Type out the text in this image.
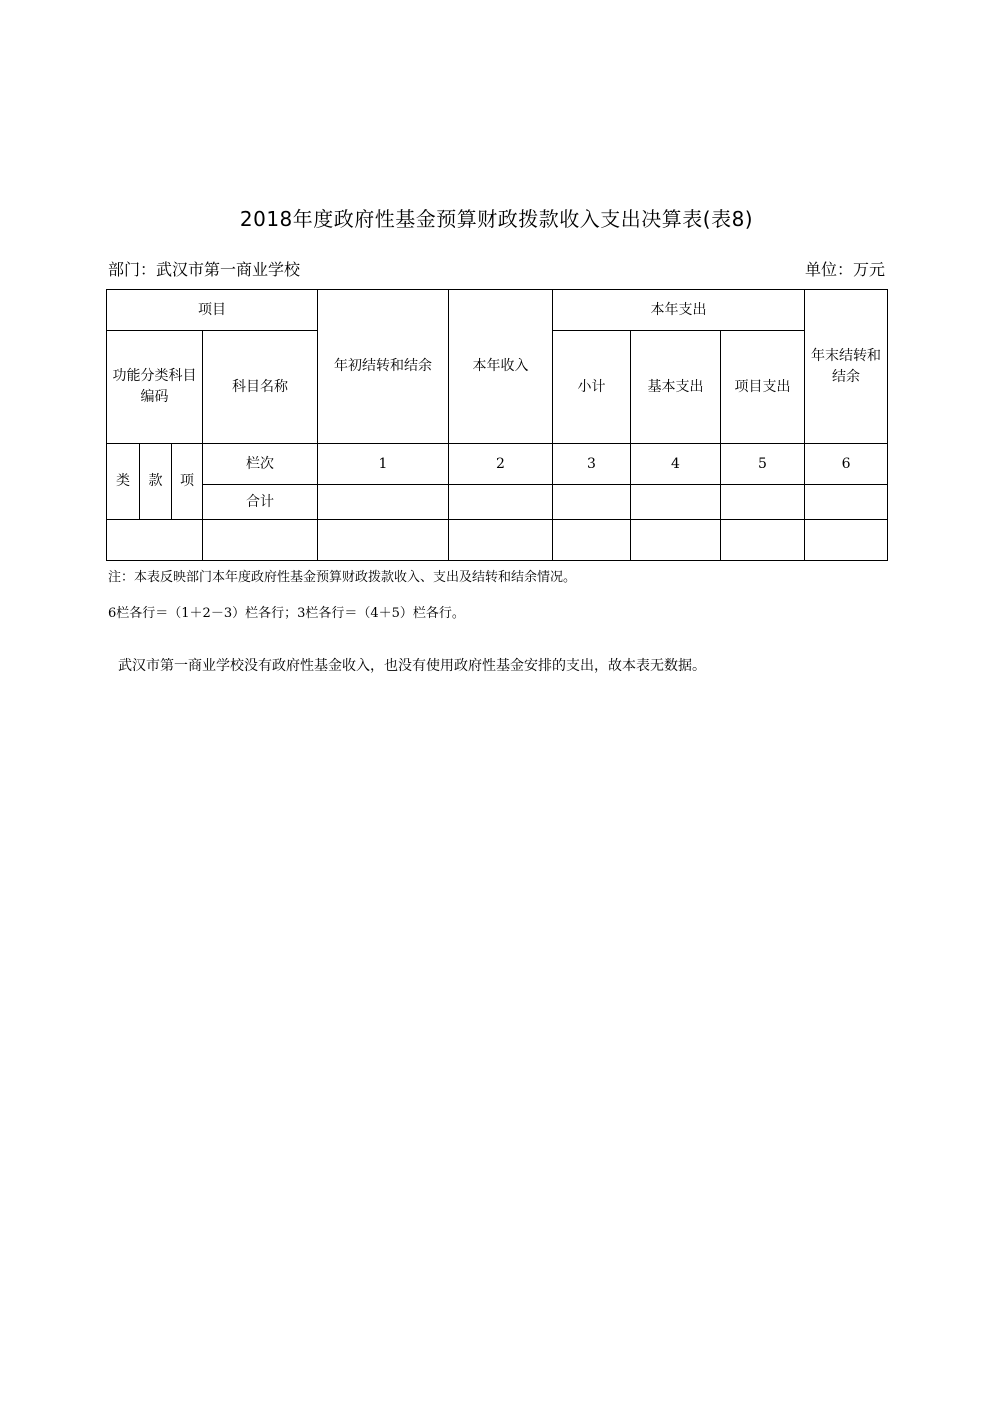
2018年度政府性基金预算财政拨款收入支出决算表(表8)
部门：武汉市第一商业学校	单位：万元
项目				年初结转和结余	本年收入	本年支出			年末结转和结余
功能分类科目编码			科目名称			小计	基本支出	项目支出	
类	款	项	栏次	1	2	3	4	5	6
			合计						

注：本表反映部门本年度政府性基金预算财政拨款收入、支出及结转和结余情况。
6栏各行＝（1＋2－3）栏各行；3栏各行＝（4＋5）栏各行。
武汉市第一商业学校没有政府性基金收入，也没有使用政府性基金安排的支出，故本表无数据。
